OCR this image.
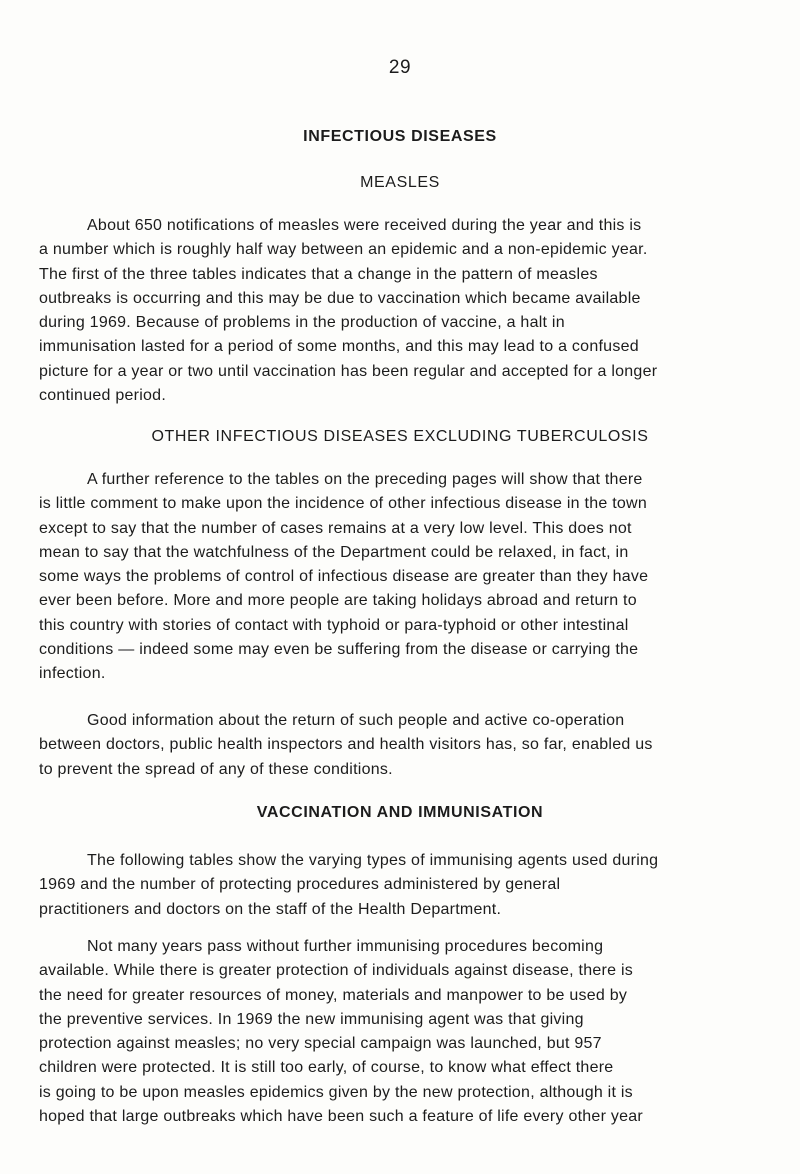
29
INFECTIOUS DISEASES
MEASLES
About 650 notifications of measles were received during the year and this is
a number which is roughly half way between an epidemic and a non-epidemic year.
The first of the three tables indicates that a change in the pattern of measles
outbreaks is occurring and this may be due to vaccination which became available
during 1969. Because of problems in the production of vaccine, a halt in
immunisation lasted for a period of some months, and this may lead to a confused
picture for a year or two until vaccination has been regular and accepted for a longer
continued period.
OTHER INFECTIOUS DISEASES EXCLUDING TUBERCULOSIS
A further reference to the tables on the preceding pages will show that there
is little comment to make upon the incidence of other infectious disease in the town
except to say that the number of cases remains at a very low level. This does not
mean to say that the watchfulness of the Department could be relaxed, in fact, in
some ways the problems of control of infectious disease are greater than they have
ever been before. More and more people are taking holidays abroad and return to
this country with stories of contact with typhoid or para-typhoid or other intestinal
conditions — indeed some may even be suffering from the disease or carrying the
infection.
Good information about the return of such people and active co-operation
between doctors, public health inspectors and health visitors has, so far, enabled us
to prevent the spread of any of these conditions.
VACCINATION AND IMMUNISATION
The following tables show the varying types of immunising agents used during
1969 and the number of protecting procedures administered by general
practitioners and doctors on the staff of the Health Department.
Not many years pass without further immunising procedures becoming
available. While there is greater protection of individuals against disease, there is
the need for greater resources of money, materials and manpower to be used by
the preventive services. In 1969 the new immunising agent was that giving
protection against measles; no very special campaign was launched, but 957
children were protected. It is still too early, of course, to know what effect there
is going to be upon measles epidemics given by the new protection, although it is
hoped that large outbreaks which have been such a feature of life every other year
